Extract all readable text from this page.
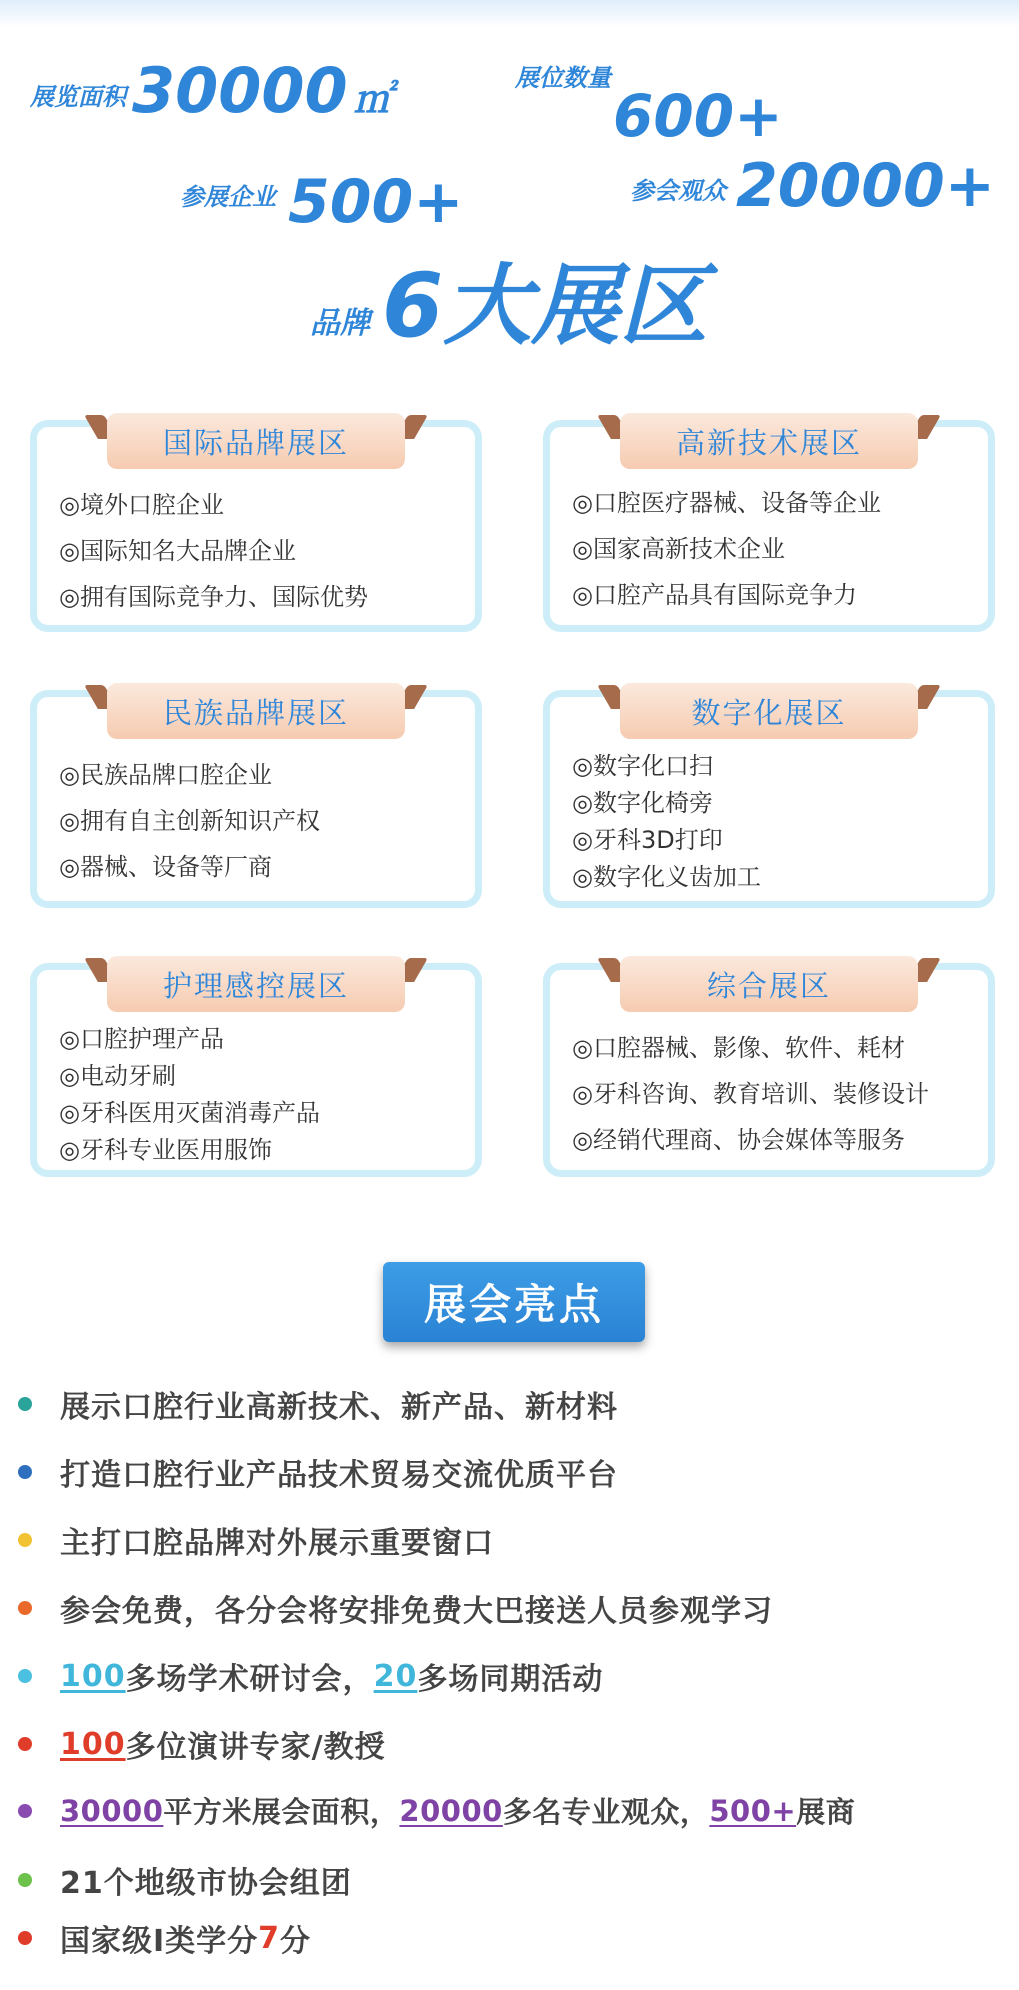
展览面积 30000 ㎡	展位数量
600+
参展企业 500+	参会观众 20000+
品牌 6大展区
国际品牌展区
◎境外口腔企业
◎国际知名大品牌企业
◎拥有国际竞争力、国际优势
高新技术展区
◎口腔医疗器械、设备等企业
◎国家高新技术企业
◎口腔产品具有国际竞争力
民族品牌展区
◎民族品牌口腔企业
◎拥有自主创新知识产权
◎器械、设备等厂商
数字化展区
◎数字化口扫
◎数字化椅旁
◎牙科3D打印
◎数字化义齿加工
护理感控展区
◎口腔护理产品
◎电动牙刷
◎牙科医用灭菌消毒产品
◎牙科专业医用服饰
综合展区
◎口腔器械、影像、软件、耗材
◎牙科咨询、教育培训、装修设计
◎经销代理商、协会媒体等服务
展会亮点
展示口腔行业高新技术、新产品、新材料
打造口腔行业产品技术贸易交流优质平台
主打口腔品牌对外展示重要窗口
参会免费，各分会将安排免费大巴接送人员参观学习
100 多场学术研讨会， 20 多场同期活动
100 多位演讲专家/教授
30000 平方米展会面积， 20000 多名专业观众， 500+ 展商
21个地级市协会组团
国家级I类学分 7 分
